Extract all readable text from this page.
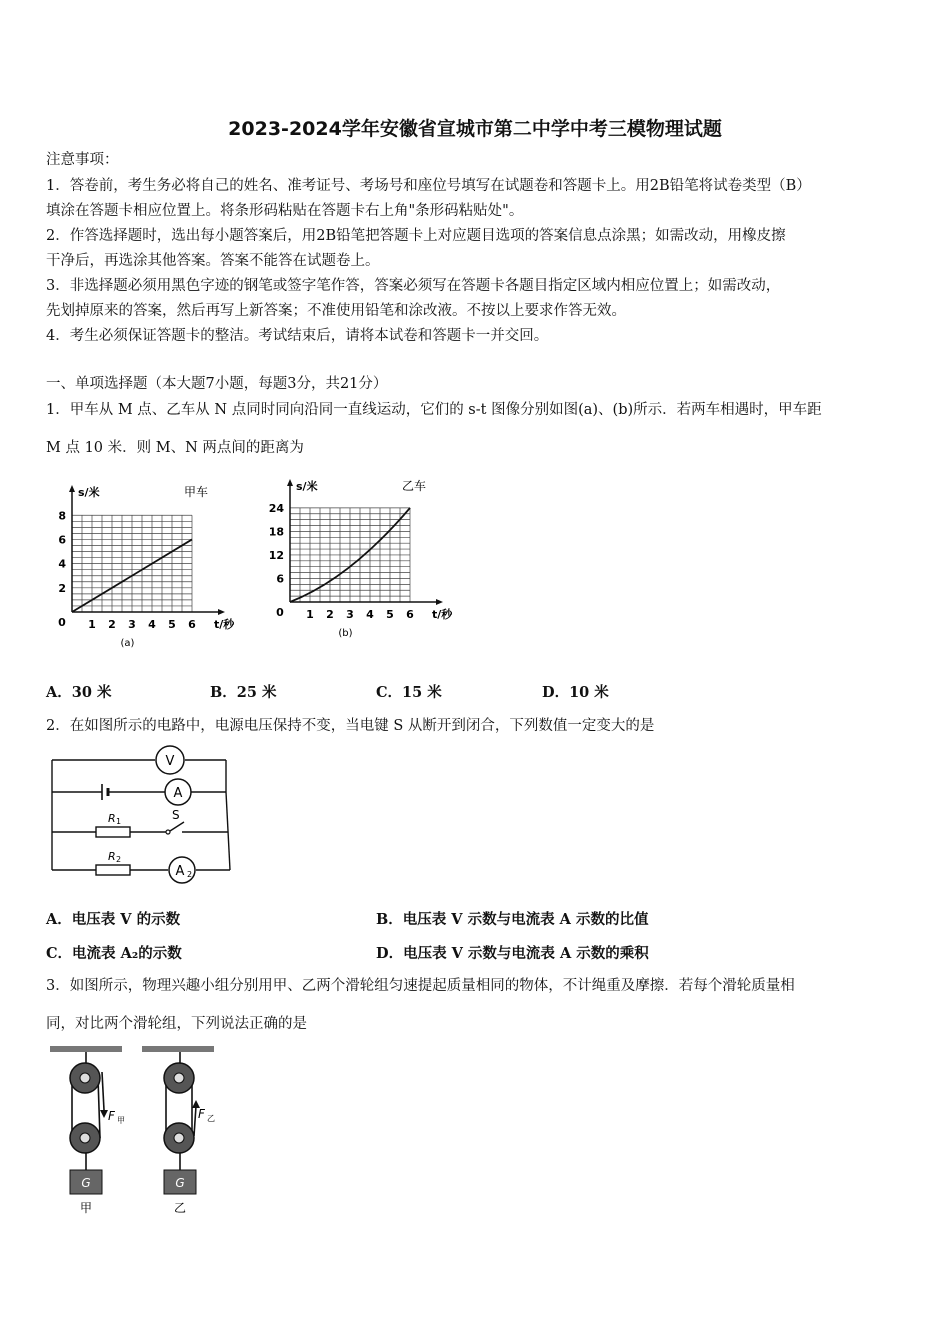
2023-2024学年安徽省宣城市第二中学中考三模物理试题
注意事项：
1．答卷前，考生务必将自己的姓名、准考证号、考场号和座位号填写在试题卷和答题卡上。用2B铅笔将试卷类型（B）
填涂在答题卡相应位置上。将条形码粘贴在答题卡右上角"条形码粘贴处"。
2．作答选择题时，选出每小题答案后，用2B铅笔把答题卡上对应题目选项的答案信息点涂黑；如需改动，用橡皮擦
干净后，再选涂其他答案。答案不能答在试题卷上。
3．非选择题必须用黑色字迹的钢笔或签字笔作答，答案必须写在答题卡各题目指定区域内相应位置上；如需改动，
先划掉原来的答案，然后再写上新答案；不准使用铅笔和涂改液。不按以上要求作答无效。
4．考生必须保证答题卡的整洁。考试结束后，请将本试卷和答题卡一并交回。
一、单项选择题（本大题7小题，每题3分，共21分）
1．甲车从 M 点、乙车从 N 点同时同向沿同一直线运动，它们的 s-t 图像分别如图(a)、(b)所示．若两车相遇时，甲车距
M 点 10 米．则 M、N 两点间的距离为
1 2 3 4 5 6
2
4
6
8
0	t/秒
s/米	甲车
(a)
1 2 3 4 5 6
6
12
18
24
0	t/秒
s/米	乙车
(b)
A．30 米	B．25 米	C．15 米	D．10 米
2．在如图所示的电路中，电源电压保持不变，当电键 S 从断开到闭合，下列数值一定变大的是
V
A
R 1	S
R 2
A 2
A．电压表 V 的示数	B．电压表 V 示数与电流表 A 示数的比值
C．电流表 A₂的示数	D．电压表 V 示数与电流表 A 示数的乘积
3．如图所示，物理兴趣小组分别用甲、乙两个滑轮组匀速提起质量相同的物体，不计绳重及摩擦．若每个滑轮质量相
同，对比两个滑轮组，下列说法正确的是
F 甲
G
甲
F 乙
G
乙
